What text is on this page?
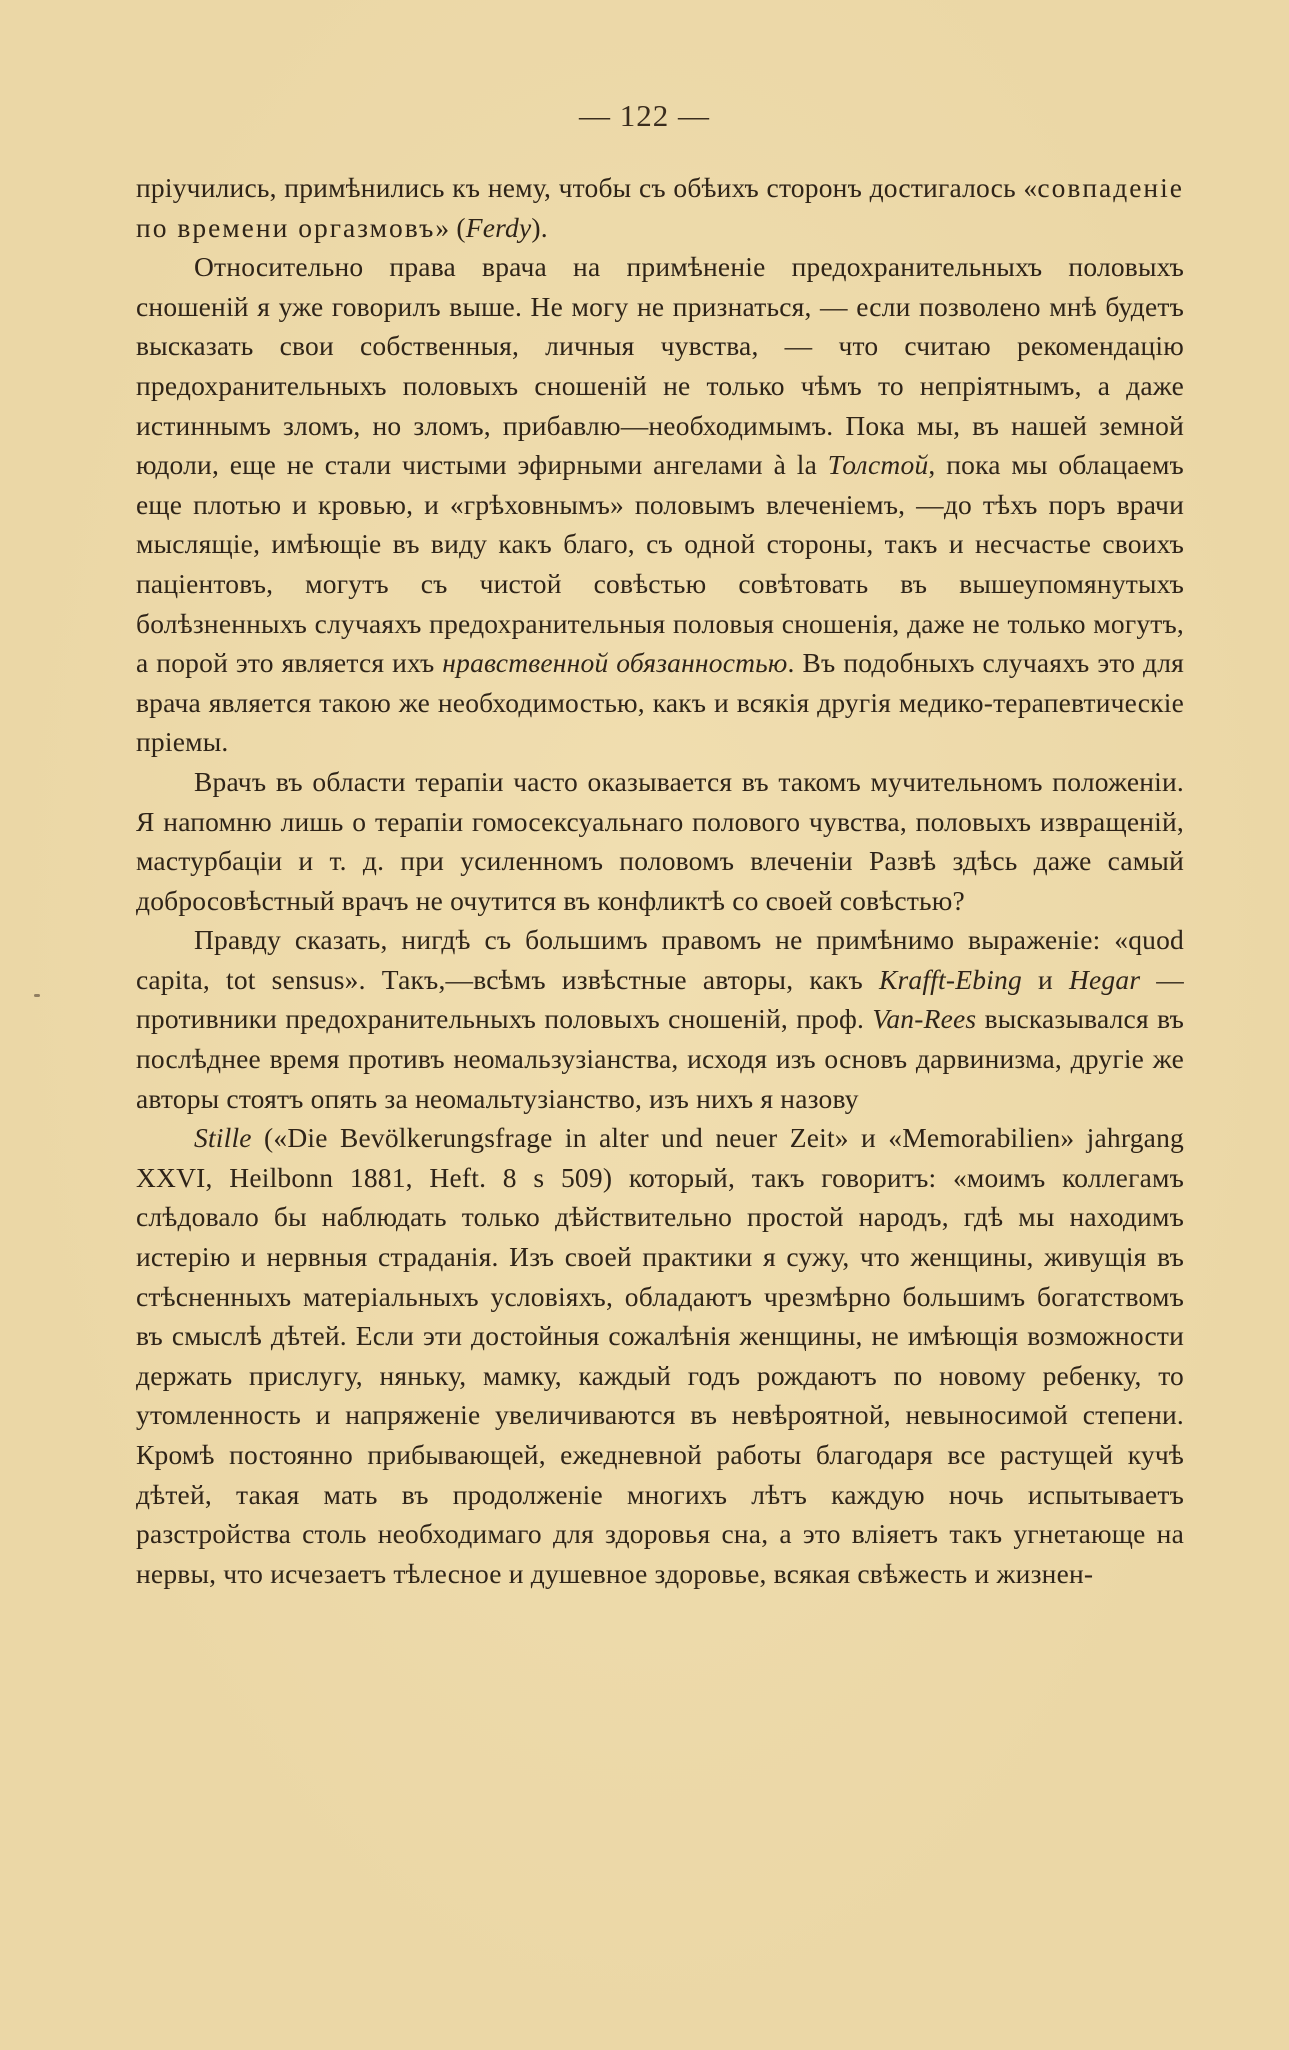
— 122 —

пріучились, примѣнились къ нему, чтобы съ обѣихъ сторонъ достигалось «совпаденіе по времени оргазмовъ» (Ferdy).

Относительно права врача на примѣненіе предохранительныхъ половыхъ сношеній я уже говорилъ выше. Не могу не признаться, — если позволено мнѣ будетъ высказать свои собственныя, личныя чувства, — что считаю рекомендацію предохранительныхъ половыхъ сношеній не только чѣмъ то непріятнымъ, а даже истиннымъ зломъ, но зломъ, прибавлю—необходимымъ. Пока мы, въ нашей земной юдоли, еще не стали чистыми эфирными ангелами à la Толстой, пока мы облацаемъ еще плотью и кровью, и «грѣховнымъ» половымъ влеченіемъ, —до тѣхъ поръ врачи мыслящіе, имѣющіе въ виду какъ благо, съ одной стороны, такъ и несчастье своихъ паціентовъ, могутъ съ чистой совѣстью совѣтовать въ вышеупомянутыхъ болѣзненныхъ случаяхъ предохранительныя половыя сношенія, даже не только могутъ, а порой это является ихъ нравственной обязанностью. Въ подобныхъ случаяхъ это для врача является такою же необходимостью, какъ и всякія другія медико-терапевтическіе пріемы.

Врачъ въ области терапіи часто оказывается въ такомъ мучительномъ положеніи. Я напомню лишь о терапіи гомосексуальнаго полового чувства, половыхъ извращеній, мастурбаціи и т. д. при усиленномъ половомъ влеченіи Развѣ здѣсь даже самый добросовѣстный врачъ не очутится въ конфликтѣ со своей совѣстью?

Правду сказать, нигдѣ съ большимъ правомъ не примѣнимо выраженіе: «quod capita, tot sensus». Такъ,—всѣмъ извѣстные авторы, какъ Krafft-Ebing и Hegar — противники предохранительныхъ половыхъ сношеній, проф. Van-Rees высказывался въ послѣднее время противъ неомальзузіанства, исходя изъ основъ дарвинизма, другіе же авторы стоятъ опять за неомальтузіанство, изъ нихъ я назову

Stille («Die Bevölkerungsfrage in alter und neuer Zeit» и «Memorabilien» jahrgang XXVI, Heilbonn 1881, Heft. 8 s 509) который, такъ говоритъ: «моимъ коллегамъ слѣдовало бы наблюдать только дѣйствительно простой народъ, гдѣ мы находимъ истерію и нервныя страданія. Изъ своей практики я сужу, что женщины, живущія въ стѣсненныхъ матеріальныхъ условіяхъ, обладаютъ чрезмѣрно большимъ богатствомъ въ смыслѣ дѣтей. Если эти достойныя сожалѣнія женщины, не имѣющія возможности держать прислугу, няньку, мамку, каждый годъ рождаютъ по новому ребенку, то утомленность и напряженіе увеличиваются въ невѣроятной, невыносимой степени. Кромѣ постоянно прибывающей, ежедневной работы благодаря все растущей кучѣ дѣтей, такая мать въ продолженіе многихъ лѣтъ каждую ночь испытываетъ разстройства столь необходимаго для здоровья сна, а это вліяетъ такъ угнетающе на нервы, что исчезаетъ тѣлесное и душевное здоровье, всякая свѣжесть и жизнен-
